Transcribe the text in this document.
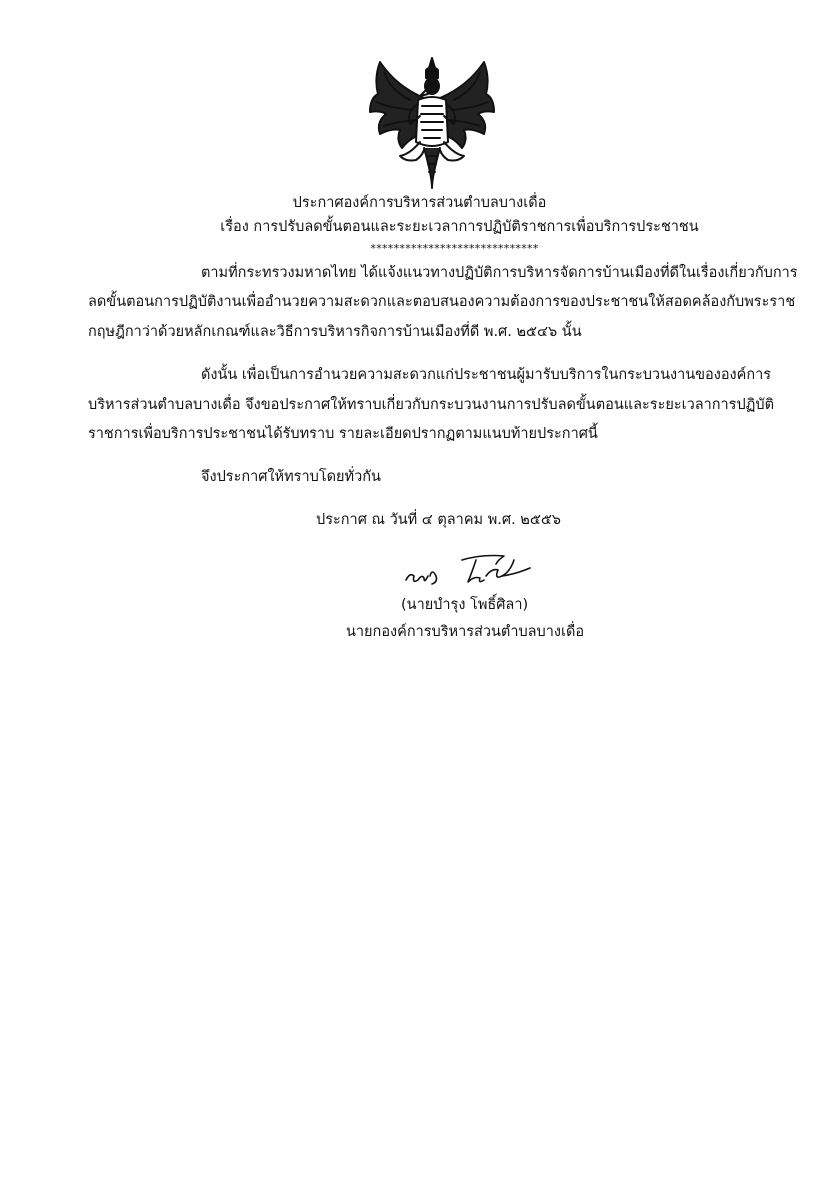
ประกาศองค์การบริหารส่วนตำบลบางเดื่อ
เรื่อง การปรับลดขั้นตอนและระยะเวลาการปฏิบัติราชการเพื่อบริการประชาชน
*****************************
ตามที่กระทรวงมหาดไทย ได้แจ้งแนวทางปฏิบัติการบริหารจัดการบ้านเมืองที่ดีในเรื่องเกี่ยวกับการ
ลดขั้นตอนการปฏิบัติงานเพื่ออำนวยความสะดวกและตอบสนองความต้องการของประชาชนให้สอดคล้องกับพระราช
กฤษฎีกาว่าด้วยหลักเกณฑ์และวิธีการบริหารกิจการบ้านเมืองที่ดี พ.ศ. ๒๕๔๖ นั้น
ดังนั้น เพื่อเป็นการอำนวยความสะดวกแก่ประชาชนผู้มารับบริการในกระบวนงานขององค์การ
บริหารส่วนตำบลบางเดื่อ จึงขอประกาศให้ทราบเกี่ยวกับกระบวนงานการปรับลดขั้นตอนและระยะเวลาการปฏิบัติ
ราชการเพื่อบริการประชาชนได้รับทราบ รายละเอียดปรากฏตามแนบท้ายประกาศนี้
จึงประกาศให้ทราบโดยทั่วกัน
ประกาศ ณ วันที่ ๔ ตุลาคม พ.ศ. ๒๕๕๖
(นายบำรุง โพธิ์ศิลา)
นายกองค์การบริหารส่วนตำบลบางเดื่อ
